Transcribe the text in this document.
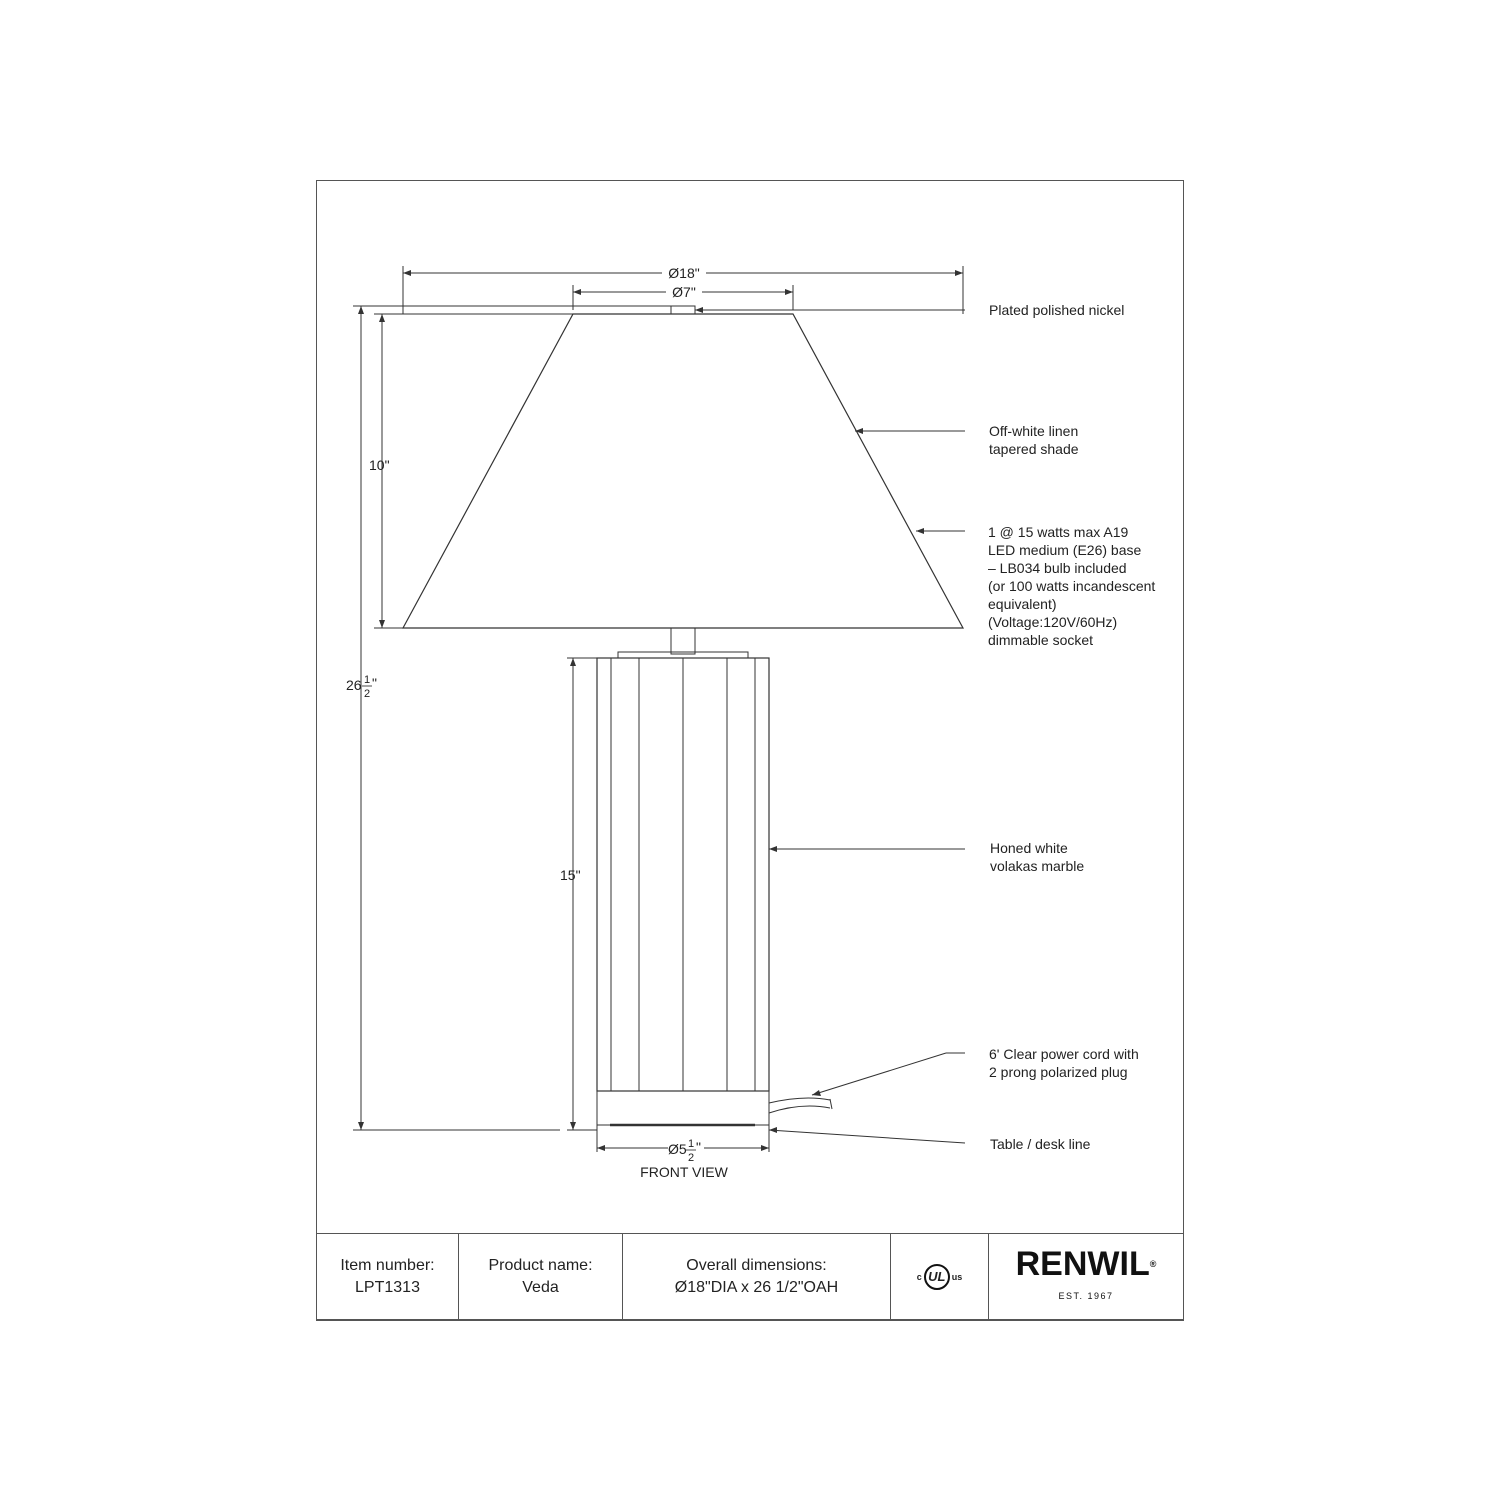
Ø18"
Ø7"
10"
26 1
2
"
15"
Ø5 1
2
"
FRONT VIEW
Plated polished nickel
Off-white linen tapered shade
1 @ 15 watts max A19 LED medium (E26) base – LB034 bulb included (or 100 watts incandescent equivalent) (Voltage:120V/60Hz) dimmable socket
Honed white volakas marble
6' Clear power cord with 2 prong polarized plug
Table / desk line
Item number:
LPT1313
Product name:
Veda
Overall dimensions:
Ø18"DIA x 26 1/2"OAH
c UL us RENWIL®
EST. 1967
